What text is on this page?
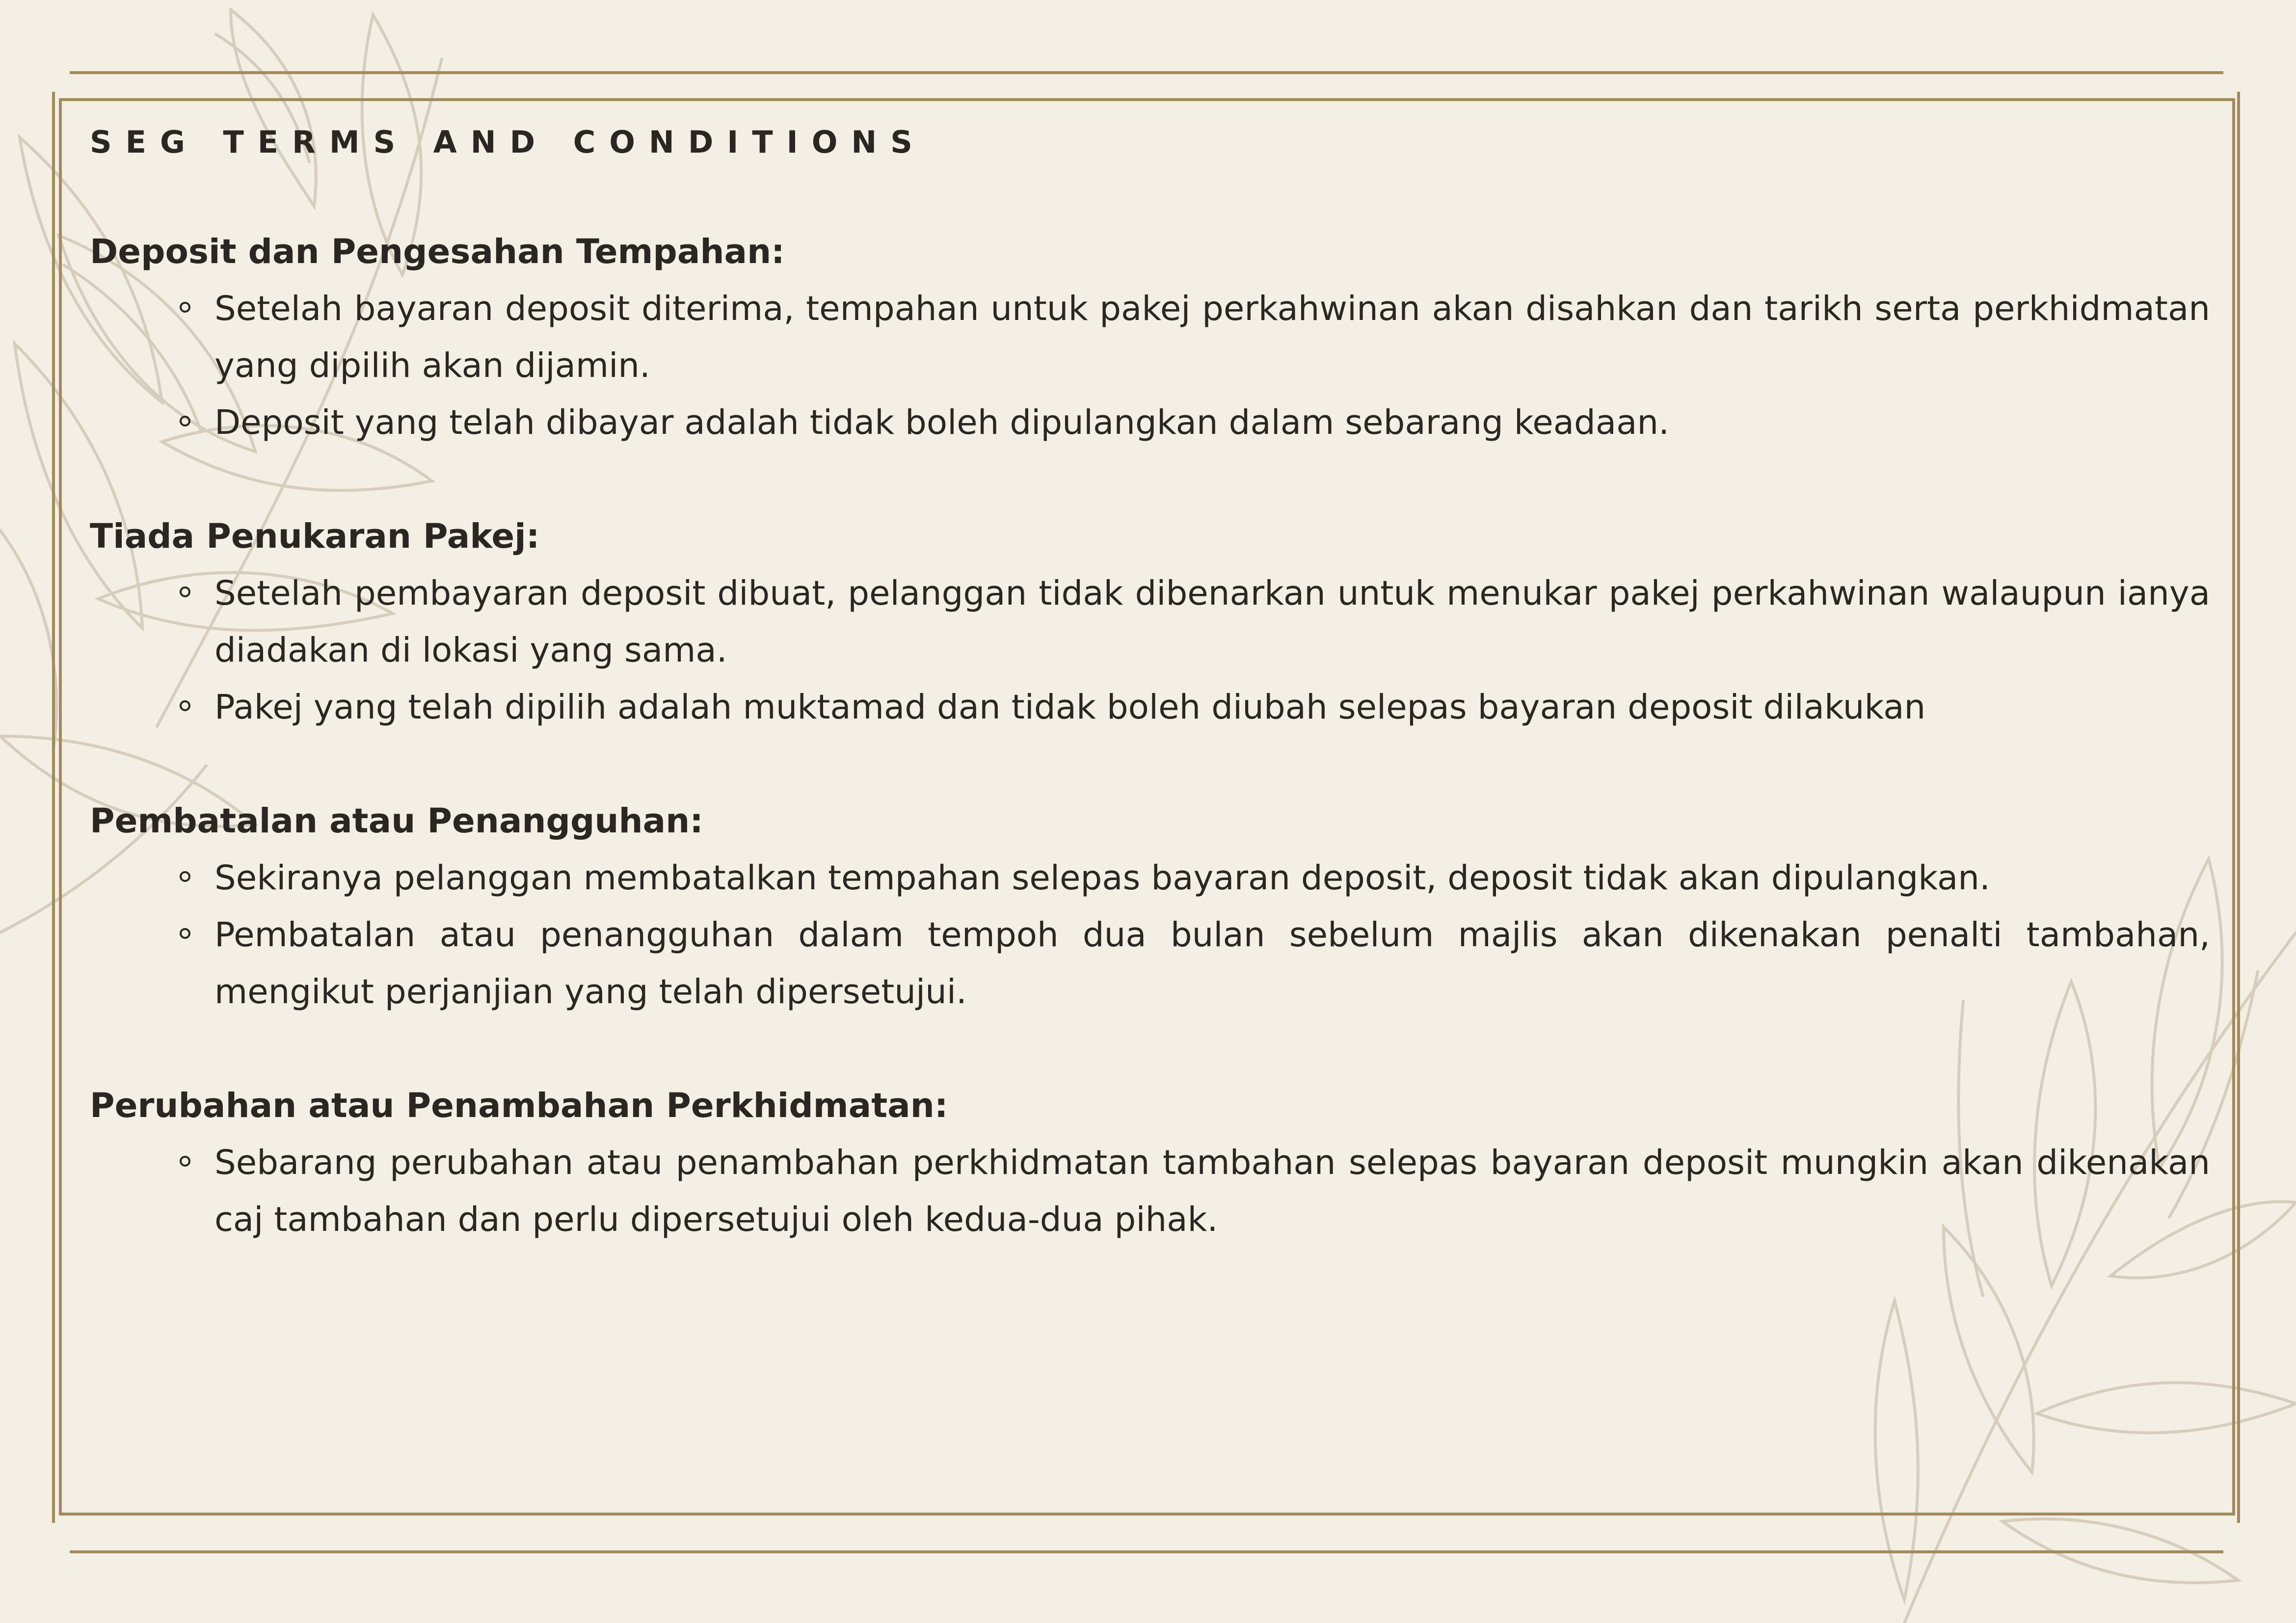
SEG TERMS AND CONDITIONS
Deposit dan Pengesahan Tempahan:
Setelah bayaran deposit diterima, tempahan untuk pakej perkahwinan akan disahkan dan tarikh serta perkhidmatan yang dipilih akan dijamin.
Deposit yang telah dibayar adalah tidak boleh dipulangkan dalam sebarang keadaan.
Tiada Penukaran Pakej:
Setelah pembayaran deposit dibuat, pelanggan tidak dibenarkan untuk menukar pakej perkahwinan walaupun ianya diadakan di lokasi yang sama.
Pakej yang telah dipilih adalah muktamad dan tidak boleh diubah selepas bayaran deposit dilakukan
Pembatalan atau Penangguhan:
Sekiranya pelanggan membatalkan tempahan selepas bayaran deposit, deposit tidak akan dipulangkan.
Pembatalan atau penangguhan dalam tempoh dua bulan sebelum majlis akan dikenakan penalti tambahan, mengikut perjanjian yang telah dipersetujui.
Perubahan atau Penambahan Perkhidmatan:
Sebarang perubahan atau penambahan perkhidmatan tambahan selepas bayaran deposit mungkin akan dikenakan caj tambahan dan perlu dipersetujui oleh kedua-dua pihak.
